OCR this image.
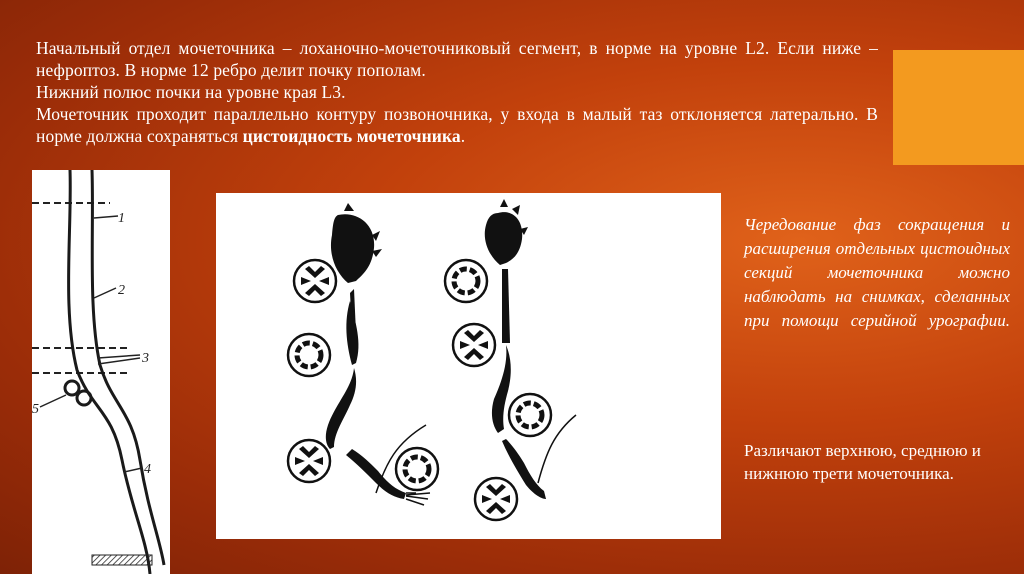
Начальный отдел мочеточника – лоханочно-мочеточниковый сегмент, в норме на уровне L2. Если ниже – нефроптоз. В норме 12 ребро делит почку пополам.

Нижний полюс почки на уровне края L3.

Мочеточник проходит параллельно контуру позвоночника, у входа в малый таз отклоняется латерально. В норме должна сохраняться цистоидность мочеточника.

1
2
3
5
4
Чередование фаз сокращения и расширения отдельных цистоидных секций мочеточника можно наблюдать на снимках, сделанных при помощи серийной урографии.
Различают верхнюю, среднюю и нижнюю трети мочеточника.
